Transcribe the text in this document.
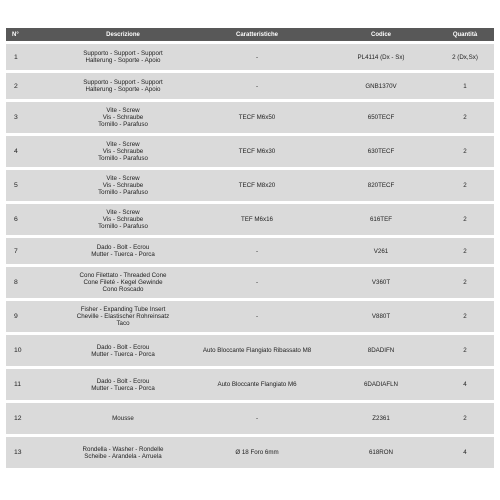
N°	Descrizione	Caratteristiche	Codice	Quantità
1	Supporto - Support - Support
Halterung - Soporte - Apoio	-	PL4114 (Dx - Sx)	2 (Dx,Sx)
2	Supporto - Support - Support
Halterung - Soporte - Apoio	-	GNB1370V	1
3	Vite - Screw
Vis - Schraube
Tornillo - Parafuso	TECF M6x50	650TECF	2
4	Vite - Screw
Vis - Schraube
Tornillo - Parafuso	TECF M6x30	630TECF	2
5	Vite - Screw
Vis - Schraube
Tornillo - Parafuso	TECF M8x20	820TECF	2
6	Vite - Screw
Vis - Schraube
Tornillo - Parafuso	TEF M6x16	616TEF	2
7	Dado - Bolt - Ecrou
Mutter - Tuerca - Porca	-	V261	2
8	Cono Filettato - Threaded Cone
Cone Fileté - Kegel Gewinde
Cono Roscado	-	V360T	2
9	Fisher - Expanding Tube Insert
Cheville - Elastischer Rohreinsatz
Taco	-	V880T	2
10	Dado - Bolt - Ecrou
Mutter - Tuerca - Porca	Auto Bloccante Flangiato Ribassato M8	8DADIFN	2
11	Dado - Bolt - Ecrou
Mutter - Tuerca - Porca	Auto Bloccante Flangiato M6	6DADIAFLN	4
12	Mousse	-	Z2361	2
13	Rondella - Washer - Rondelle
Scheibe - Arandela - Arruela	Ø 18 Foro 6mm	618RON	4
